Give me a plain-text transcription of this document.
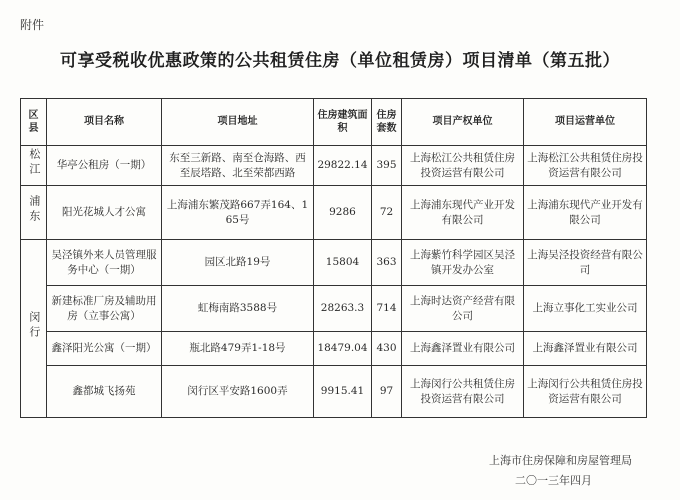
附件
可享受税收优惠政策的公共租赁住房（单位租赁房）项目清单（第五批）
区县	项目名称	项目地址	住房建筑面积	住房套数	项目产权单位	项目运营单位
松江	华亭公租房（一期）	东至三新路、南至仓海路、西至辰塔路、北至荣都西路	29822.14	395	上海松江公共租赁住房投资运营有限公司	上海松江公共租赁住房投资运营有限公司
浦东	阳光花城人才公寓	上海浦东繁茂路667弄164、165号	9286	72	上海浦东现代产业开发有限公司	上海浦东现代产业开发有限公司
闵行	吴泾镇外来人员管理服务中心（一期）	园区北路19号	15804	363	上海紫竹科学园区吴泾镇开发办公室	上海吴泾投资经营有限公司
	新建标准厂房及辅助用房（立事公寓）	虹梅南路3588号	28263.3	714	上海时达资产经营有限公司	上海立事化工实业公司
	鑫泽阳光公寓（一期）	瓶北路479弄1-18号	18479.04	430	上海鑫泽置业有限公司	上海鑫泽置业有限公司
	鑫都城飞扬苑	闵行区平安路1600弄	9915.41	97	上海闵行公共租赁住房投资运营有限公司	上海闵行公共租赁住房投资运营有限公司
上海市住房保障和房屋管理局
二〇一三年四月
